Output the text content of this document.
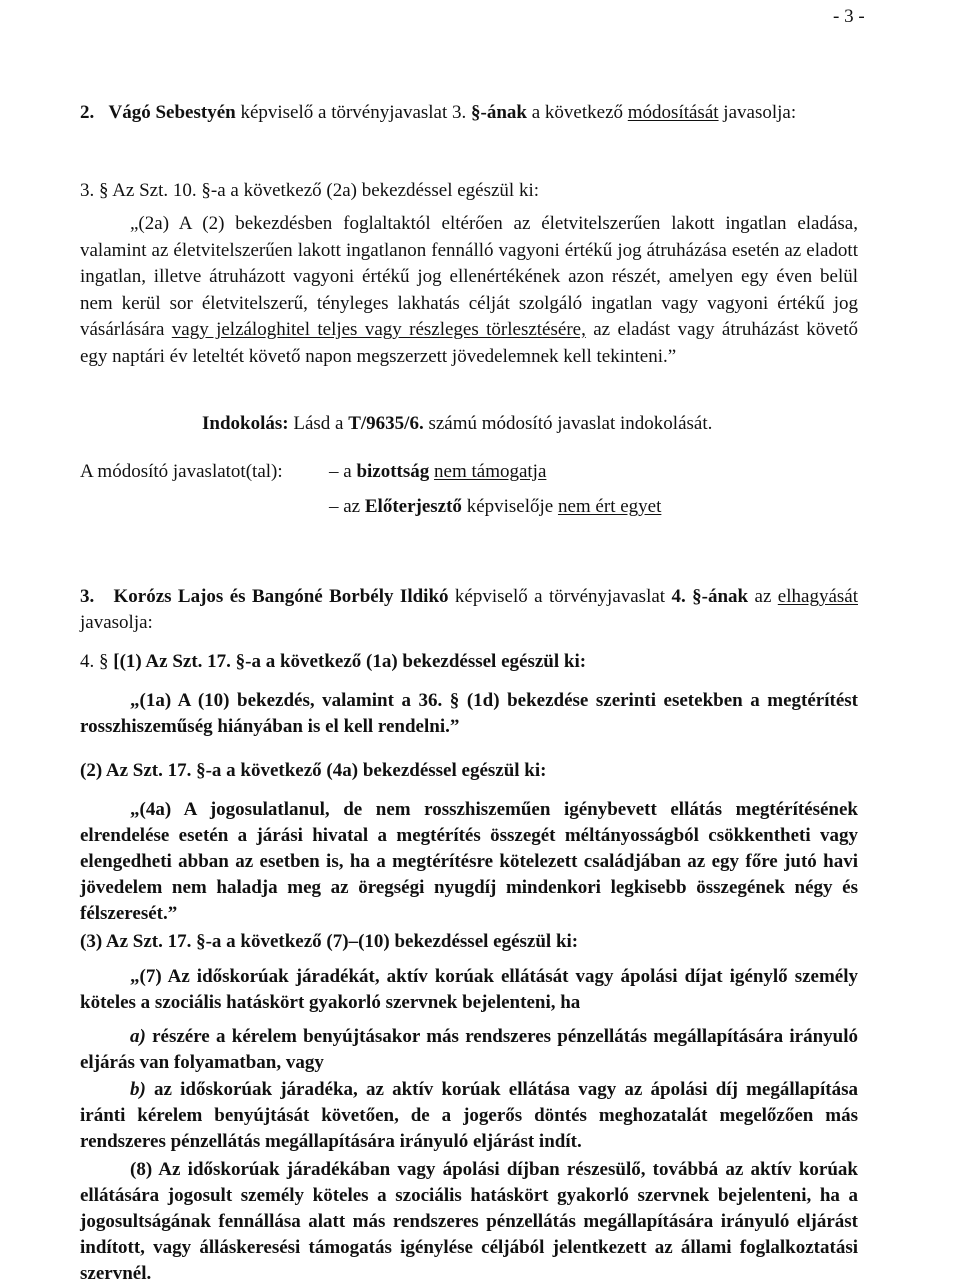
- 3 -
2. Vágó Sebestyén képviselő a törvényjavaslat 3. §-ának a következő módosítását javasolja:
3. § Az Szt. 10. §-a a következő (2a) bekezdéssel egészül ki:
„(2a) A (2) bekezdésben foglaltaktól eltérően az életvitelszerűen lakott ingatlan eladása, valamint az életvitelszerűen lakott ingatlanon fennálló vagyoni értékű jog átruházása esetén az eladott ingatlan, illetve átruházott vagyoni értékű jog ellenértékének azon részét, amelyen egy éven belül nem kerül sor életvitelszerű, tényleges lakhatás célját szolgáló ingatlan vagy vagyoni értékű jog vásárlására vagy jelzáloghitel teljes vagy részleges törlesztésére, az eladást vagy átruházást követő egy naptári év leteltét követő napon megszerzett jövedelemnek kell tekinteni.”
Indokolás: Lásd a T/9635/6. számú módosító javaslat indokolását.
A módosító javaslatot(tal): – a bizottság nem támogatja
– az Előterjesztő képviselője nem ért egyet
3. Korózs Lajos és Bangóné Borbély Ildikó képviselő a törvényjavaslat 4. §-ának az elhagyását javasolja:
4. § [(1) Az Szt. 17. §-a a következő (1a) bekezdéssel egészül ki:
„(1a) A (10) bekezdés, valamint a 36. § (1d) bekezdése szerinti esetekben a megtérítést rosszhiszeműség hiányában is el kell rendelni.”
(2) Az Szt. 17. §-a a következő (4a) bekezdéssel egészül ki:
„(4a) A jogosulatlanul, de nem rosszhiszeműen igénybevett ellátás megtérítésének elrendelése esetén a járási hivatal a megtérítés összegét méltányosságból csökkentheti vagy elengedheti abban az esetben is, ha a megtérítésre kötelezett családjában az egy főre jutó havi jövedelem nem haladja meg az öregségi nyugdíj mindenkori legkisebb összegének négy és félszeresét.”
(3) Az Szt. 17. §-a a következő (7)–(10) bekezdéssel egészül ki:
„(7) Az időskorúak járadékát, aktív korúak ellátását vagy ápolási díjat igénylő személy köteles a szociális hatáskört gyakorló szervnek bejelenteni, ha
a) részére a kérelem benyújtásakor más rendszeres pénzellátás megállapítására irányuló eljárás van folyamatban, vagy
b) az időskorúak járadéka, az aktív korúak ellátása vagy az ápolási díj megállapítása iránti kérelem benyújtását követően, de a jogerős döntés meghozatalát megelőzően más rendszeres pénzellátás megállapítására irányuló eljárást indít.
(8) Az időskorúak járadékában vagy ápolási díjban részesülő, továbbá az aktív korúak ellátására jogosult személy köteles a szociális hatáskört gyakorló szervnek bejelenteni, ha a jogosultságának fennállása alatt más rendszeres pénzellátás megállapítására irányuló eljárást indított, vagy álláskeresési támogatás igénylése céljából jelentkezett az állami foglalkoztatási szervnél.
